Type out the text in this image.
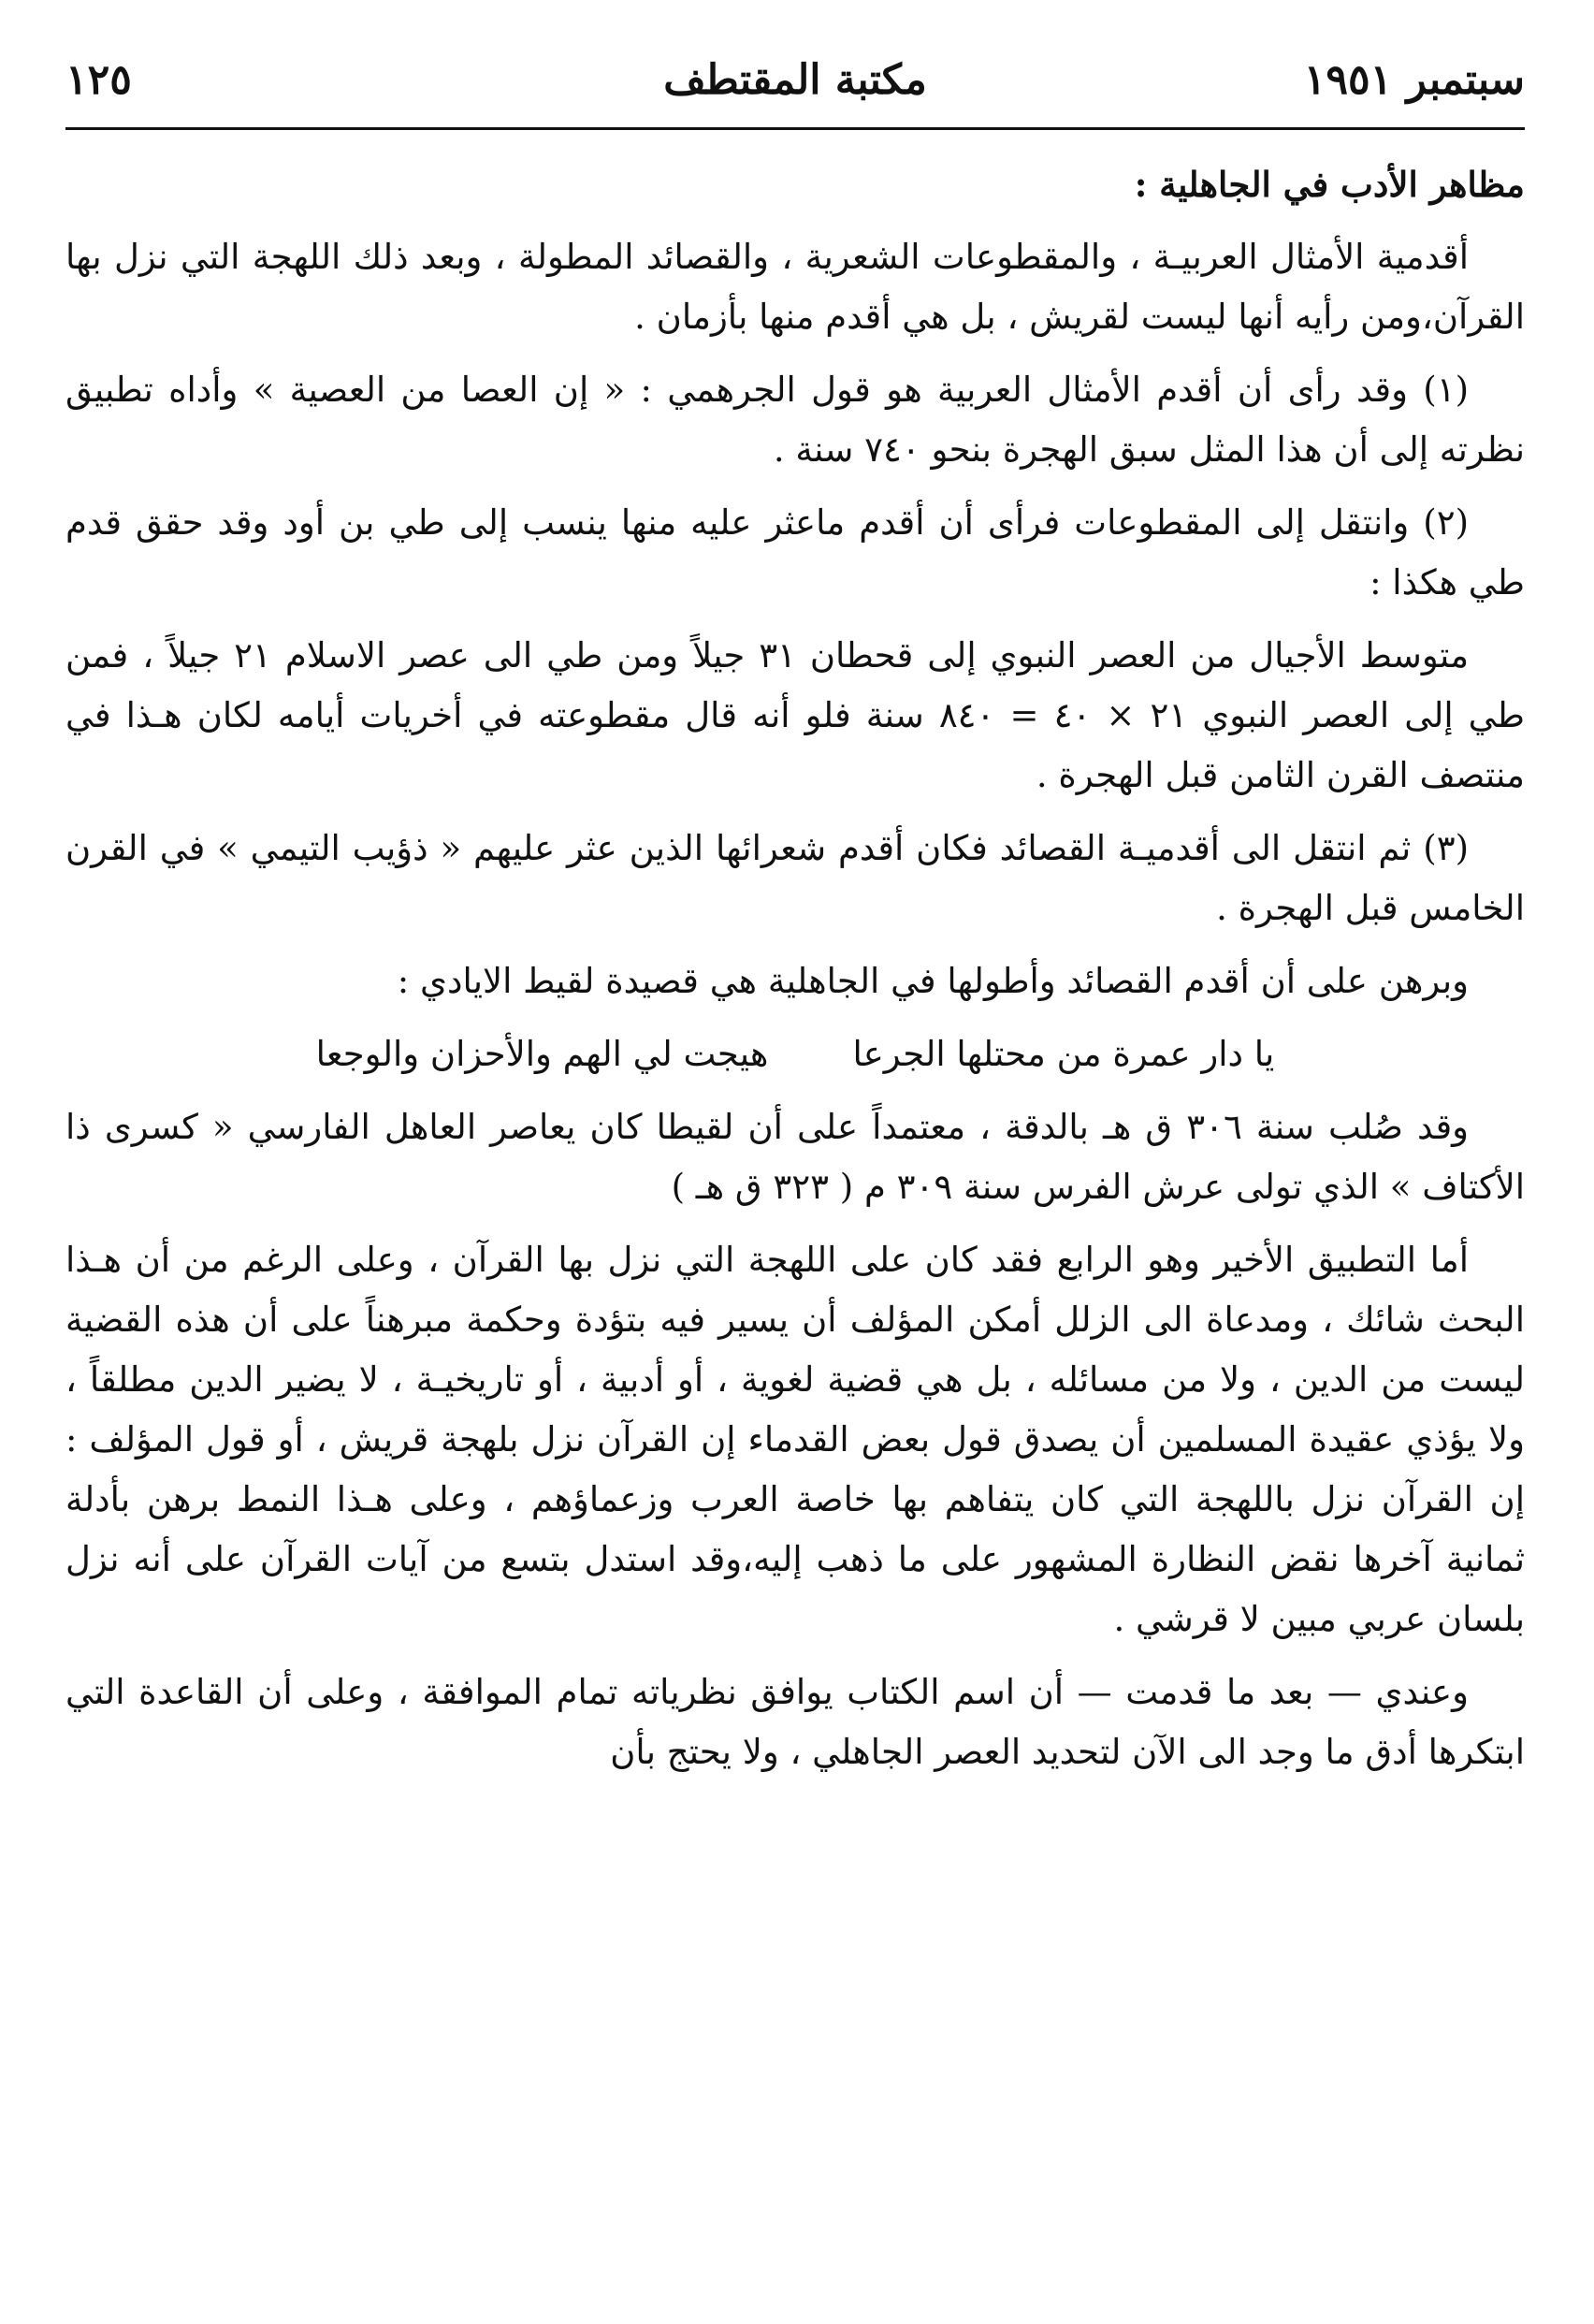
سبتمبر ١٩٥١
مكتبة المقتطف
١٢٥

مظاهر الأدب في الجاهلية :

أقدمية الأمثال العربيـة ، والمقطوعات الشعرية ، والقصائد المطولة ، وبعد ذلك اللهجة التي نزل بها القرآن،ومن رأيه أنها ليست لقريش ، بل هي أقدم منها بأزمان .

(١) وقد رأى أن أقدم الأمثال العربية هو قول الجرهمي : « إن العصا من العصية » وأداه تطبيق نظرته إلى أن هذا المثل سبق الهجرة بنحو ٧٤٠ سنة .

(٢) وانتقل إلى المقطوعات فرأى أن أقدم ماعثر عليه منها ينسب إلى طي بن أود وقد حقق قدم طي هكذا :

متوسط الأجيال من العصر النبوي إلى قحطان ٣١ جيلاً ومن طي الى عصر الاسلام ٢١ جيلاً ، فمن طي إلى العصر النبوي ٢١ × ٤٠ = ٨٤٠ سنة فلو أنه قال مقطوعته في أخريات أيامه لكان هـذا في منتصف القرن الثامن قبل الهجرة .

(٣) ثم انتقل الى أقدميـة القصائد فكان أقدم شعرائها الذين عثر عليهم « ذؤيب التيمي » في القرن الخامس قبل الهجرة .

وبرهن على أن أقدم القصائد وأطولها في الجاهلية هي قصيدة لقيط الايادي :

يا دار عمرة من محتلها الجرعا
هيجت لي الهم والأحزان والوجعا

وقد صُلب سنة ٣٠٦ ق هـ بالدقة ، معتمداً على أن لقيطا كان يعاصر العاهل الفارسي « كسرى ذا الأكتاف » الذي تولى عرش الفرس سنة ٣٠٩ م ( ٣٢٣ ق هـ )

أما التطبيق الأخير وهو الرابع فقد كان على اللهجة التي نزل بها القرآن ، وعلى الرغم من أن هـذا البحث شائك ، ومدعاة الى الزلل أمكن المؤلف أن يسير فيه بتؤدة وحكمة مبرهناً على أن هذه القضية ليست من الدين ، ولا من مسائله ، بل هي قضية لغوية ، أو أدبية ، أو تاريخيـة ، لا يضير الدين مطلقاً ، ولا يؤذي عقيدة المسلمين أن يصدق قول بعض القدماء إن القرآن نزل بلهجة قريش ، أو قول المؤلف : إن القرآن نزل باللهجة التي كان يتفاهم بها خاصة العرب وزعماؤهم ، وعلى هـذا النمط برهن بأدلة ثمانية آخرها نقض النظارة المشهور على ما ذهب إليه،وقد استدل بتسع من آيات القرآن على أنه نزل بلسان عربي مبين لا قرشي .

وعندي — بعد ما قدمت — أن اسم الكتاب يوافق نظرياته تمام الموافقة ، وعلى أن القاعدة التي ابتكرها أدق ما وجد الى الآن لتحديد العصر الجاهلي ، ولا يحتج بأن
